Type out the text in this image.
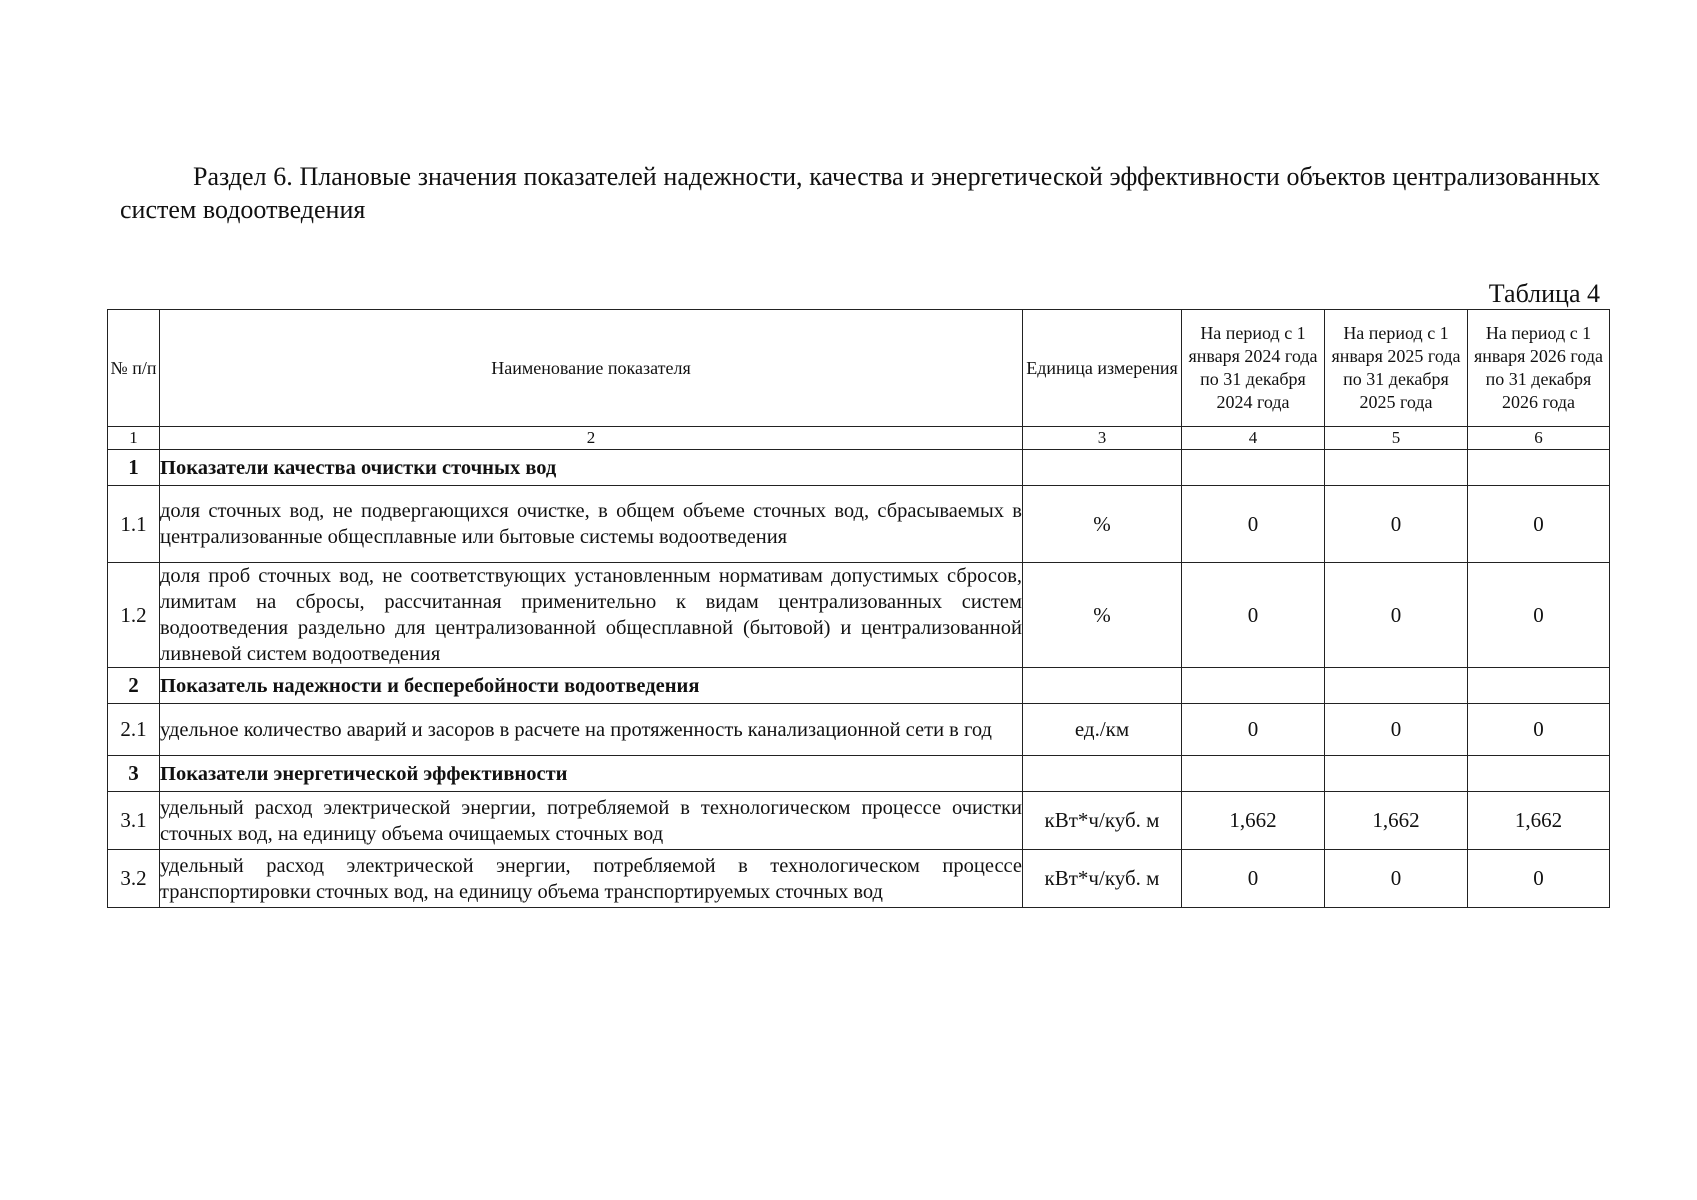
Раздел 6. Плановые значения показателей надежности, качества и энергетической эффективности объектов централизованных систем водоотведения
Таблица 4
№ п/п	Наименование показателя	Единица измерения	На период с 1 января 2024 года по 31 декабря 2024 года	На период с 1 января 2025 года по 31 декабря 2025 года	На период с 1 января 2026 года по 31 декабря 2026 года
1	2	3	4	5	6
1	Показатели качества очистки сточных вод				
1.1	доля сточных вод, не подвергающихся очистке, в общем объеме сточных вод, сбрасываемых в централизованные общесплавные или бытовые системы водоотведения	%	0	0	0
1.2	доля проб сточных вод, не соответствующих установленным нормативам допустимых сбросов, лимитам на сбросы, рассчитанная применительно к видам централизованных систем водоотведения раздельно для централизованной общесплавной (бытовой) и централизованной ливневой систем водоотведения	%	0	0	0
2	Показатель надежности и бесперебойности водоотведения				
2.1	удельное количество аварий и засоров в расчете на протяженность канализационной сети в год	ед./км	0	0	0
3	Показатели энергетической эффективности				
3.1	удельный расход электрической энергии, потребляемой в технологическом процессе очистки сточных вод, на единицу объема очищаемых сточных вод	кВт*ч/куб. м	1,662	1,662	1,662
3.2	удельный расход электрической энергии, потребляемой в технологическом процессе транспортировки сточных вод, на единицу объема транспортируемых сточных вод	кВт*ч/куб. м	0	0	0
